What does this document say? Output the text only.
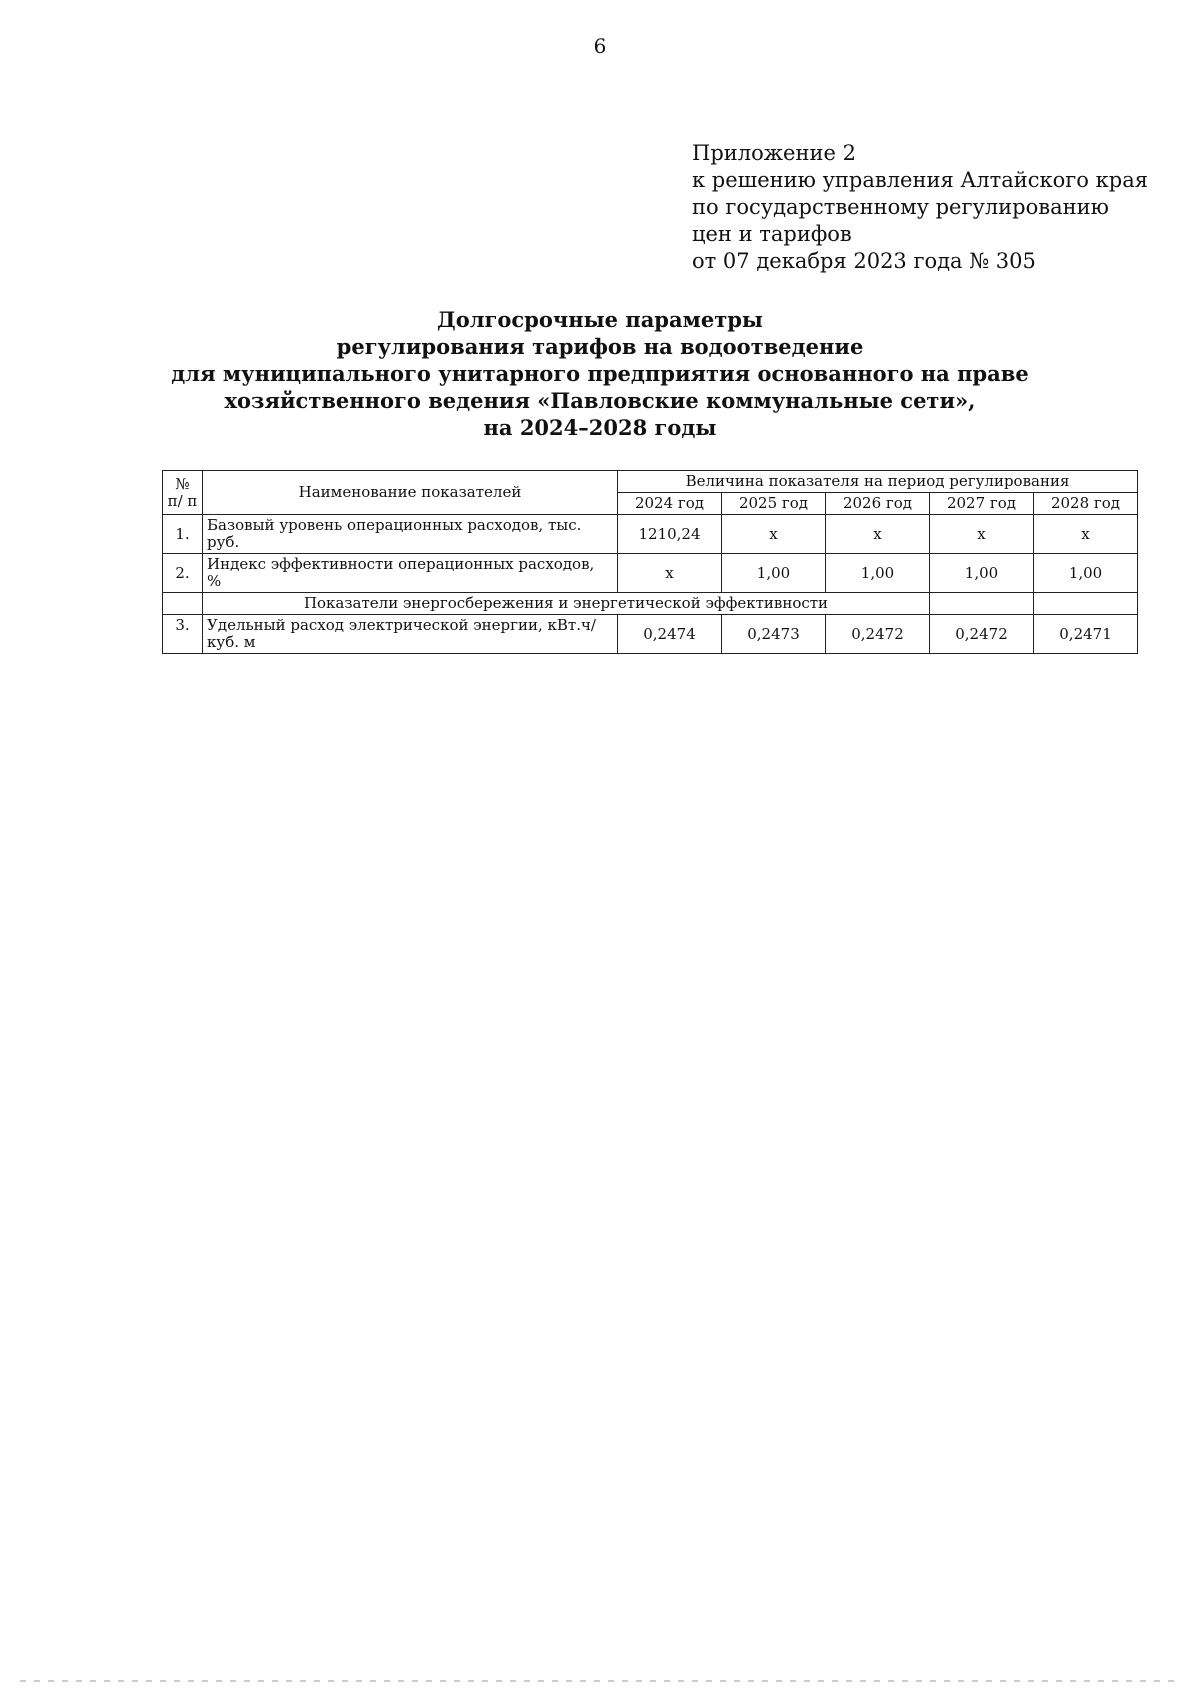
6
Приложение 2
к решению управления Алтайского края
по государственному регулированию
цен и тарифов
от 07 декабря 2023 года № 305
Долгосрочные параметры
регулирования тарифов на водоотведение
для муниципального унитарного предприятия основанного на праве
хозяйственного ведения «Павловские коммунальные сети»,
на 2024–2028 годы
№ п/ п	Наименование показателей	Величина показателя на период регулирования				
		2024 год	2025 год	2026 год	2027 год	2028 год
1.	Базовый уровень операционных расходов, тыс. руб.	1210,24	х	х	х	х
2.	Индекс эффективности операционных расходов, %	х	1,00	1,00	1,00	1,00
	Показатели энергосбережения и энергетической эффективности					
3.	Удельный расход электрической энергии, кВт.ч/куб. м	0,2474	0,2473	0,2472	0,2472	0,2471
